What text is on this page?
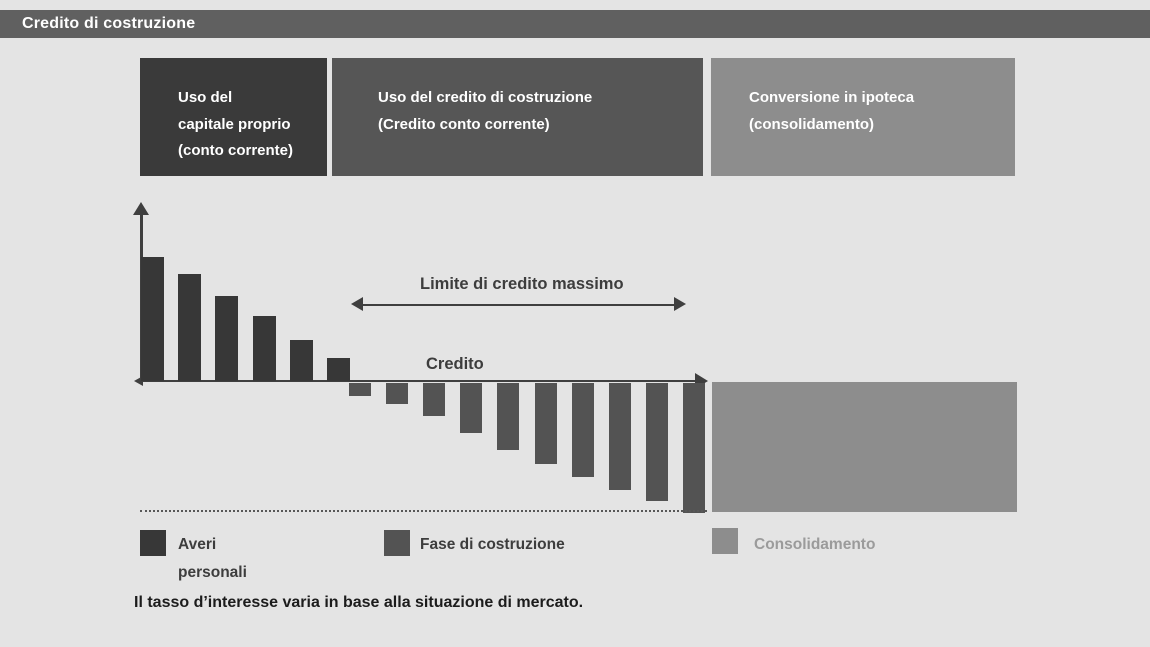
Credito di costruzione
Uso del
capitale proprio
(conto corrente)
Uso del credito di costruzione
(Credito conto corrente)
Conversione in ipoteca
(consolidamento)
Limite di credito massimo
Credito
Averi
personali
Fase di costruzione	Consolidamento
Il tasso d’interesse varia in base alla situazione di mercato.
